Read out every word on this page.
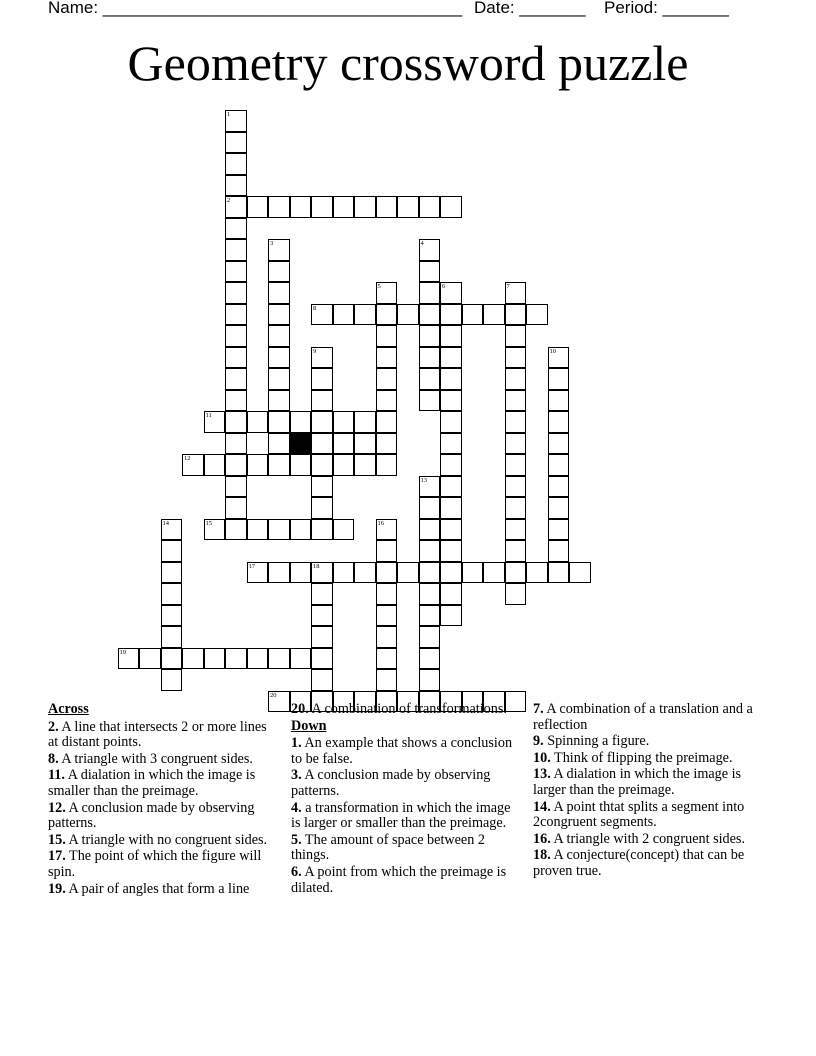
Name: ______________________________________ Date: _______ Period: _______
Geometry crossword puzzle
1
2
3	4
5	6	7
8
9	10
11
12
13
14	15	16
17	18
19
20
Across
2. A line that intersects 2 or more lines at distant points.
8. A triangle with 3 congruent sides.
11. A dialation in which the image is smaller than the preimage.
12. A conclusion made by observing patterns.
15. A triangle with no congruent sides.
17. The point of which the figure will spin.
19. A pair of angles that form a line
20. A combination of transformations.
Down
1. An example that shows a conclusion to be false.
3. A conclusion made by observing patterns.
4. a transformation in which the image is larger or smaller than the preimage.
5. The amount of space between 2 things.
6. A point from which the preimage is dilated.
7. A combination of a translation and a reflection
9. Spinning a figure.
10. Think of flipping the preimage.
13. A dialation in which the image is larger than the preimage.
14. A point thtat splits a segment into 2congruent segments.
16. A triangle with 2 congruent sides.
18. A conjecture(concept) that can be proven true.
